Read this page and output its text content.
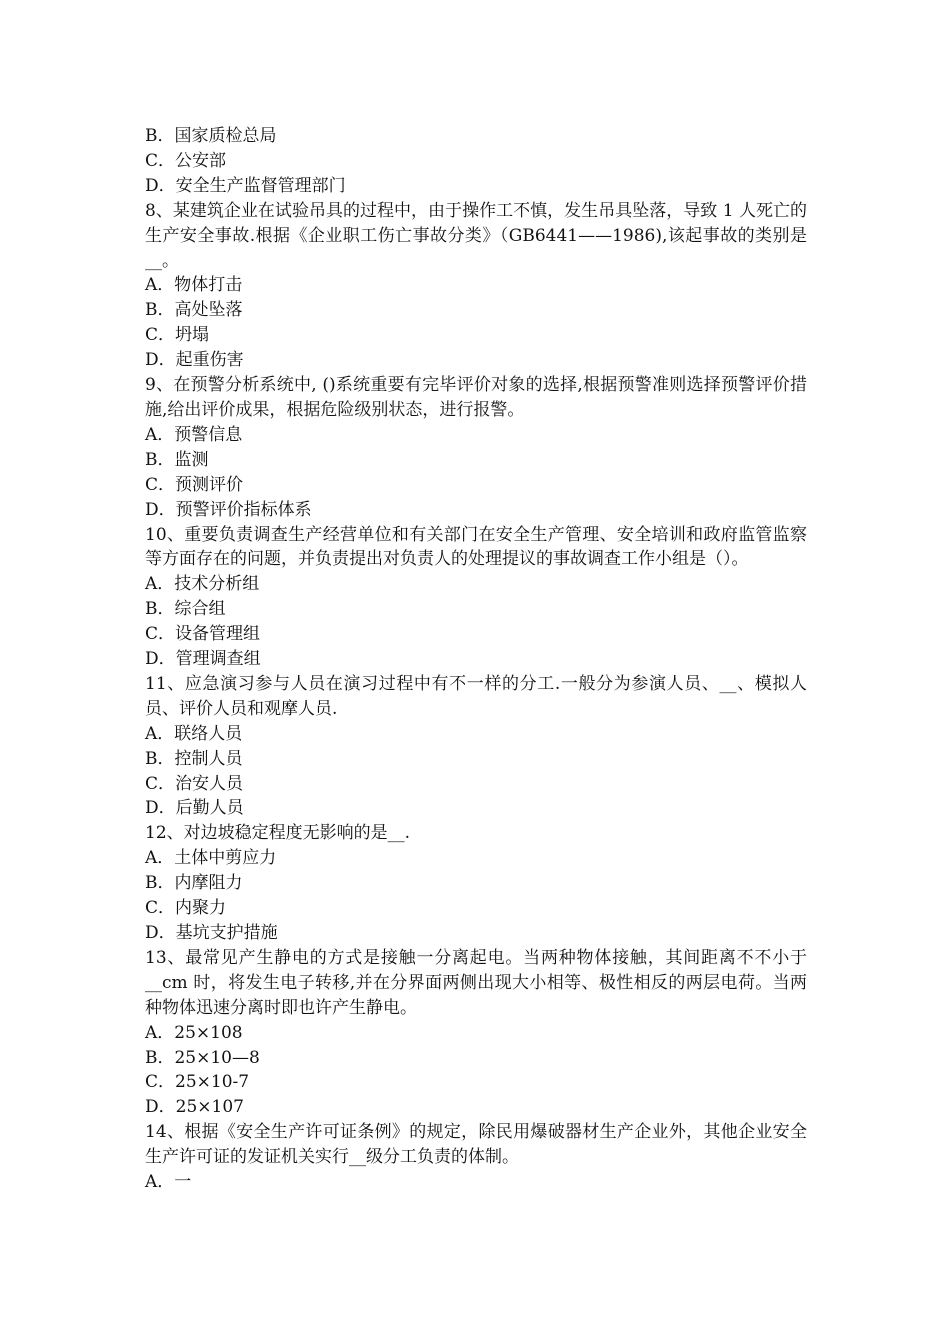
B．国家质检总局

C．公安部

D．安全生产监督管理部门

8、某建筑企业在试验吊具的过程中，由于操作工不慎，发生吊具坠落，导致 1 人死亡的生产安全事故.根据《企业职工伤亡事故分类》（GB6441——1986),该起事故的类别是__。

A．物体打击

B．高处坠落

C．坍塌

D．起重伤害

9、在预警分析系统中, ()系统重要有完毕评价对象的选择,根据预警准则选择预警评价措施,给出评价成果，根据危险级别状态，进行报警。

A．预警信息

B．监测

C．预测评价

D．预警评价指标体系

10、重要负责调查生产经营单位和有关部门在安全生产管理、安全培训和政府监管监察等方面存在的问题，并负责提出对负责人的处理提议的事故调查工作小组是（）。

A．技术分析组

B．综合组

C．设备管理组

D．管理调查组

11、应急演习参与人员在演习过程中有不一样的分工.一般分为参演人员、__、模拟人员、评价人员和观摩人员.

A．联络人员

B．控制人员

C．治安人员

D．后勤人员

12、对边坡稳定程度无影响的是__.

A．土体中剪应力

B．内摩阻力

C．内聚力

D．基坑支护措施

13、最常见产生静电的方式是接触一分离起电。当两种物体接触，其间距离不不小于__cm 时，将发生电子转移,并在分界面两侧出现大小相等、极性相反的两层电荷。当两种物体迅速分离时即也许产生静电。

A．25×108

B．25×10—8

C．25×10-7

D．25×107

14、根据《安全生产许可证条例》的规定，除民用爆破器材生产企业外，其他企业安全生产许可证的发证机关实行__级分工负责的体制。

A．一
